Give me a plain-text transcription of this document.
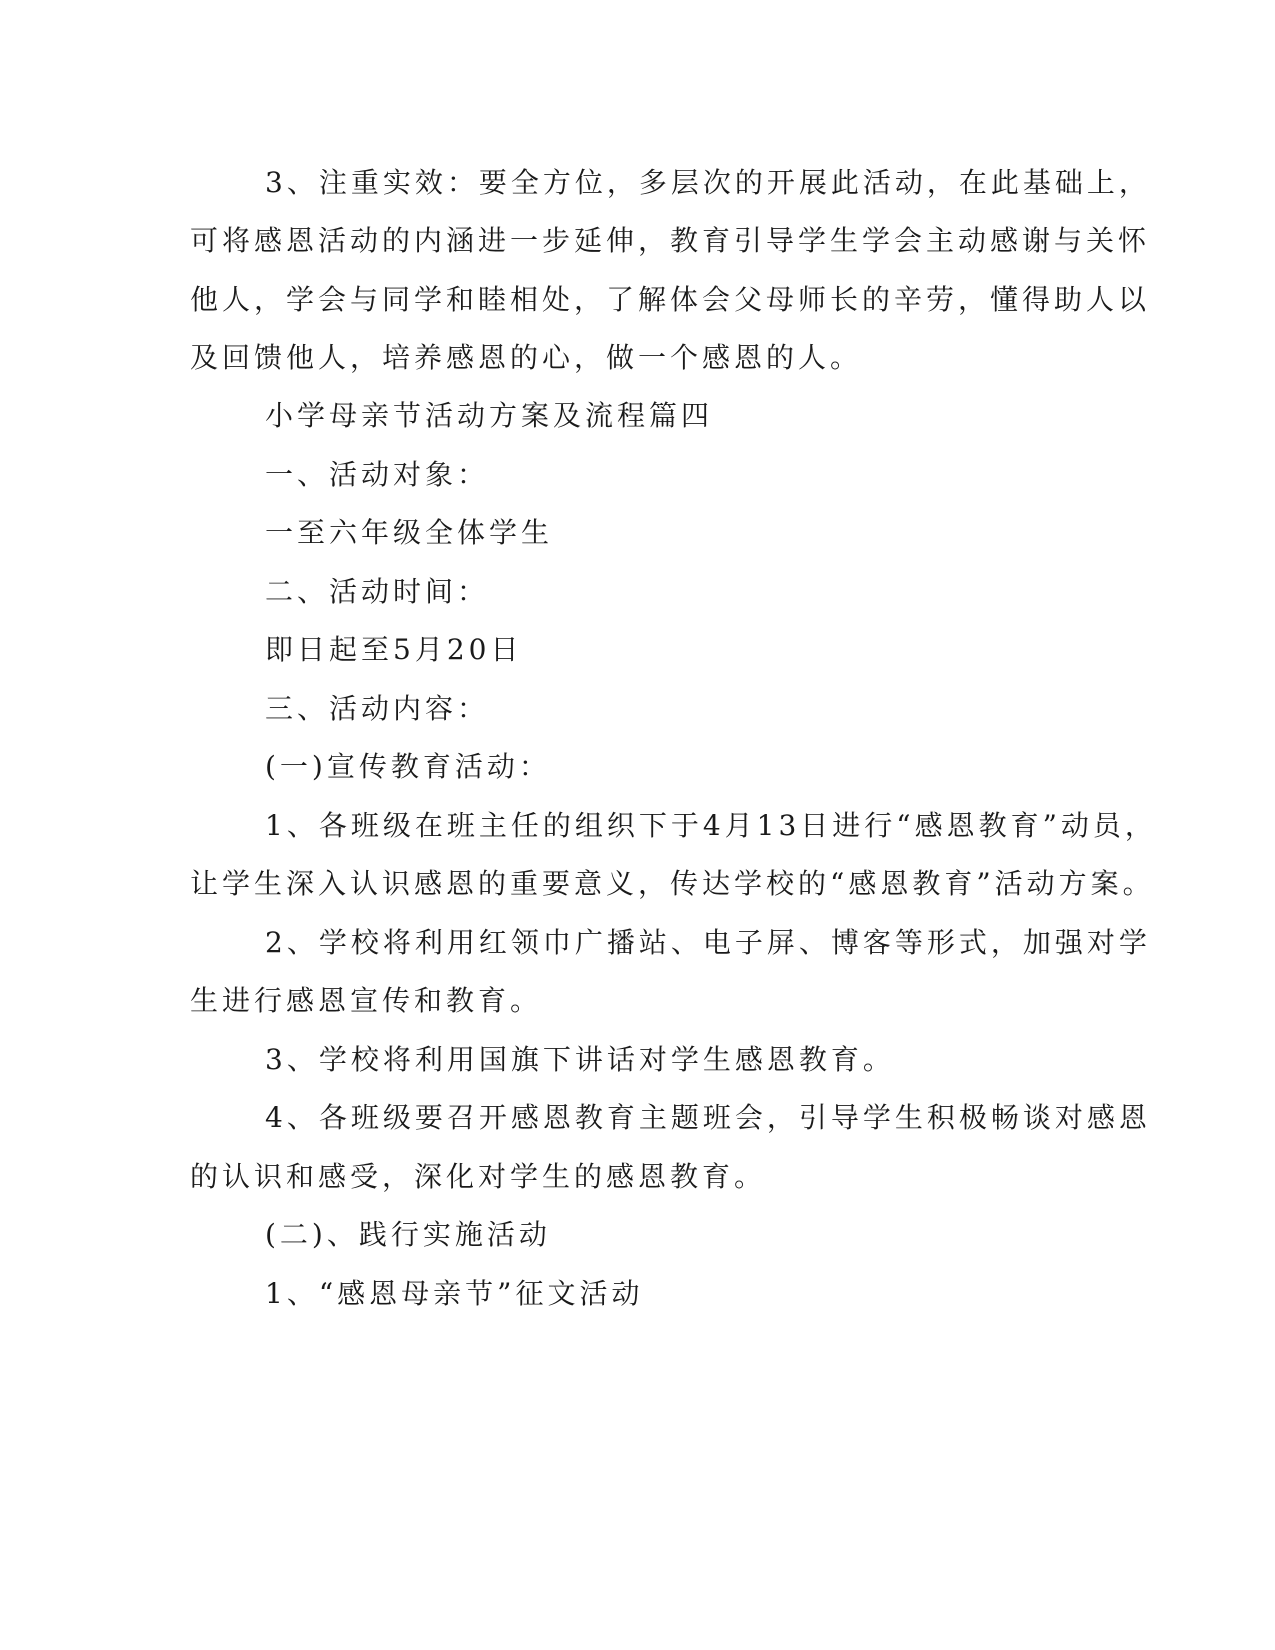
3、注重实效：要全方位，多层次的开展此活动，在此基础上，
可将感恩活动的内涵进一步延伸，教育引导学生学会主动感谢与关怀
他人，学会与同学和睦相处，了解体会父母师长的辛劳，懂得助人以
及回馈他人，培养感恩的心，做一个感恩的人。
小学母亲节活动方案及流程篇四
一、活动对象：
一至六年级全体学生
二、活动时间：
即日起至5月20日
三、活动内容：
(一)宣传教育活动：
1、各班级在班主任的组织下于4月13日进行“感恩教育”动员，
让学生深入认识感恩的重要意义，传达学校的“感恩教育”活动方案。
2、学校将利用红领巾广播站、电子屏、博客等形式，加强对学
生进行感恩宣传和教育。
3、学校将利用国旗下讲话对学生感恩教育。
4、各班级要召开感恩教育主题班会，引导学生积极畅谈对感恩
的认识和感受，深化对学生的感恩教育。
(二)、践行实施活动
1、“感恩母亲节”征文活动
